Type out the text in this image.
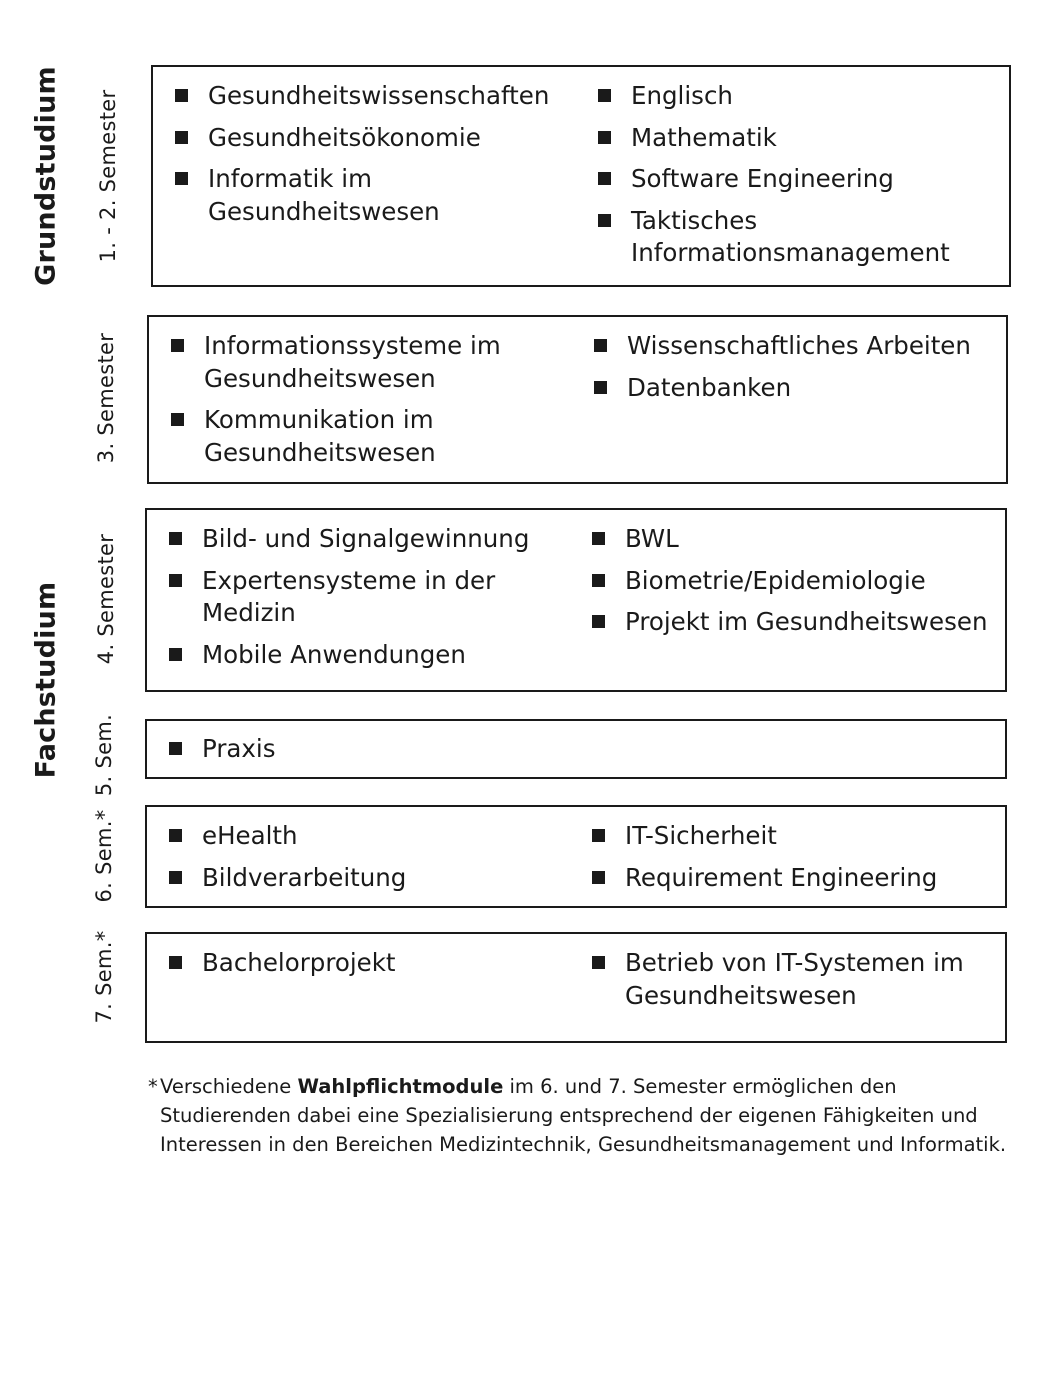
Grundstudium
Fachstudium
1. - 2. Semester
3. Semester
4. Semester
5. Sem.
6. Sem.*
7. Sem.*
Gesundheitswissenschaften
Gesundheitsökonomie
Informatik im Gesundheitswesen
Englisch
Mathematik
Software Engineering
Taktisches Informationsmanagement
Informationssysteme im Gesundheitswesen
Kommunikation im Gesundheitswesen
Wissenschaftliches Arbeiten
Datenbanken
Bild- und Signalgewinnung
Expertensysteme in der Medizin
Mobile Anwendungen
BWL
Biometrie/Epidemiologie
Projekt im Gesundheitswesen
Praxis
eHealth
Bildverarbeitung
IT-Sicherheit
Requirement Engineering
Bachelorprojekt	Betrieb von IT-Systemen im Gesundheitswesen
* Verschiedene Wahlpflichtmodule im 6. und 7. Semester ermöglichen den Studierenden dabei eine Spezialisierung entsprechend der eigenen Fähigkeiten und Interessen in den Bereichen Medizintechnik, Gesundheitsmanagement und Informatik.
